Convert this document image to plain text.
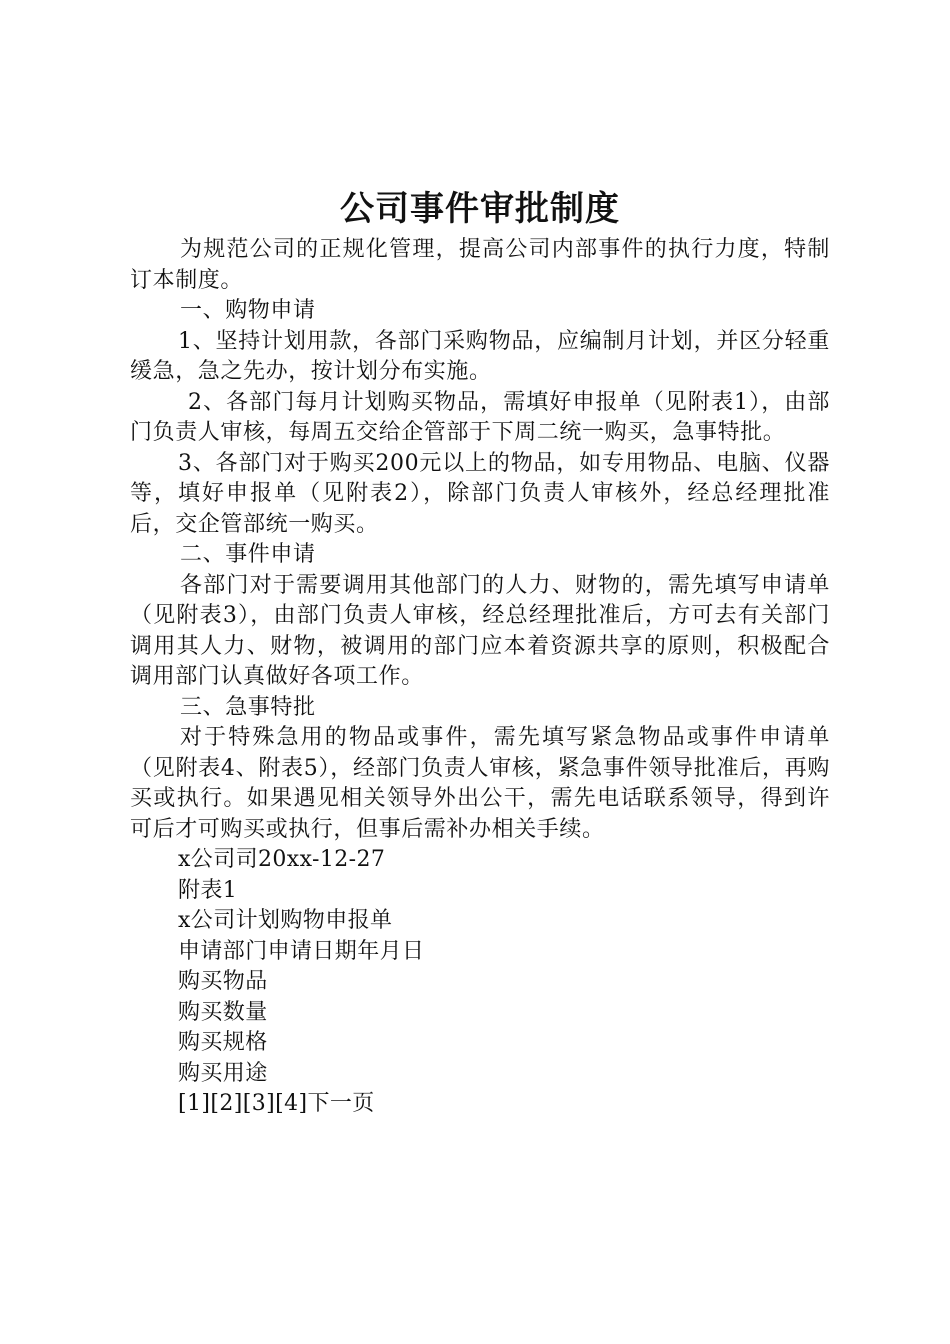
公司事件审批制度

为规范公司的正规化管理，提高公司内部事件的执行力度，特制订本制度。

一、购物申请

1、坚持计划用款，各部门采购物品，应编制月计划，并区分轻重缓急，急之先办，按计划分布实施。

2、各部门每月计划购买物品，需填好申报单（见附表1），由部门负责人审核，每周五交给企管部于下周二统一购买，急事特批。

3、各部门对于购买200元以上的物品，如专用物品、电脑、仪器等，填好申报单（见附表2），除部门负责人审核外，经总经理批准后，交企管部统一购买。

二、事件申请

各部门对于需要调用其他部门的人力、财物的，需先填写申请单（见附表3），由部门负责人审核，经总经理批准后，方可去有关部门调用其人力、财物，被调用的部门应本着资源共享的原则，积极配合调用部门认真做好各项工作。

三、急事特批

对于特殊急用的物品或事件，需先填写紧急物品或事件申请单（见附表4、附表5），经部门负责人审核，紧急事件领导批准后，再购买或执行。如果遇见相关领导外出公干，需先电话联系领导，得到许可后才可购买或执行，但事后需补办相关手续。

x公司司20xx-12-27

附表1

x公司计划购物申报单

申请部门申请日期年月日

购买物品

购买数量

购买规格

购买用途

[1][2][3][4]下一页
